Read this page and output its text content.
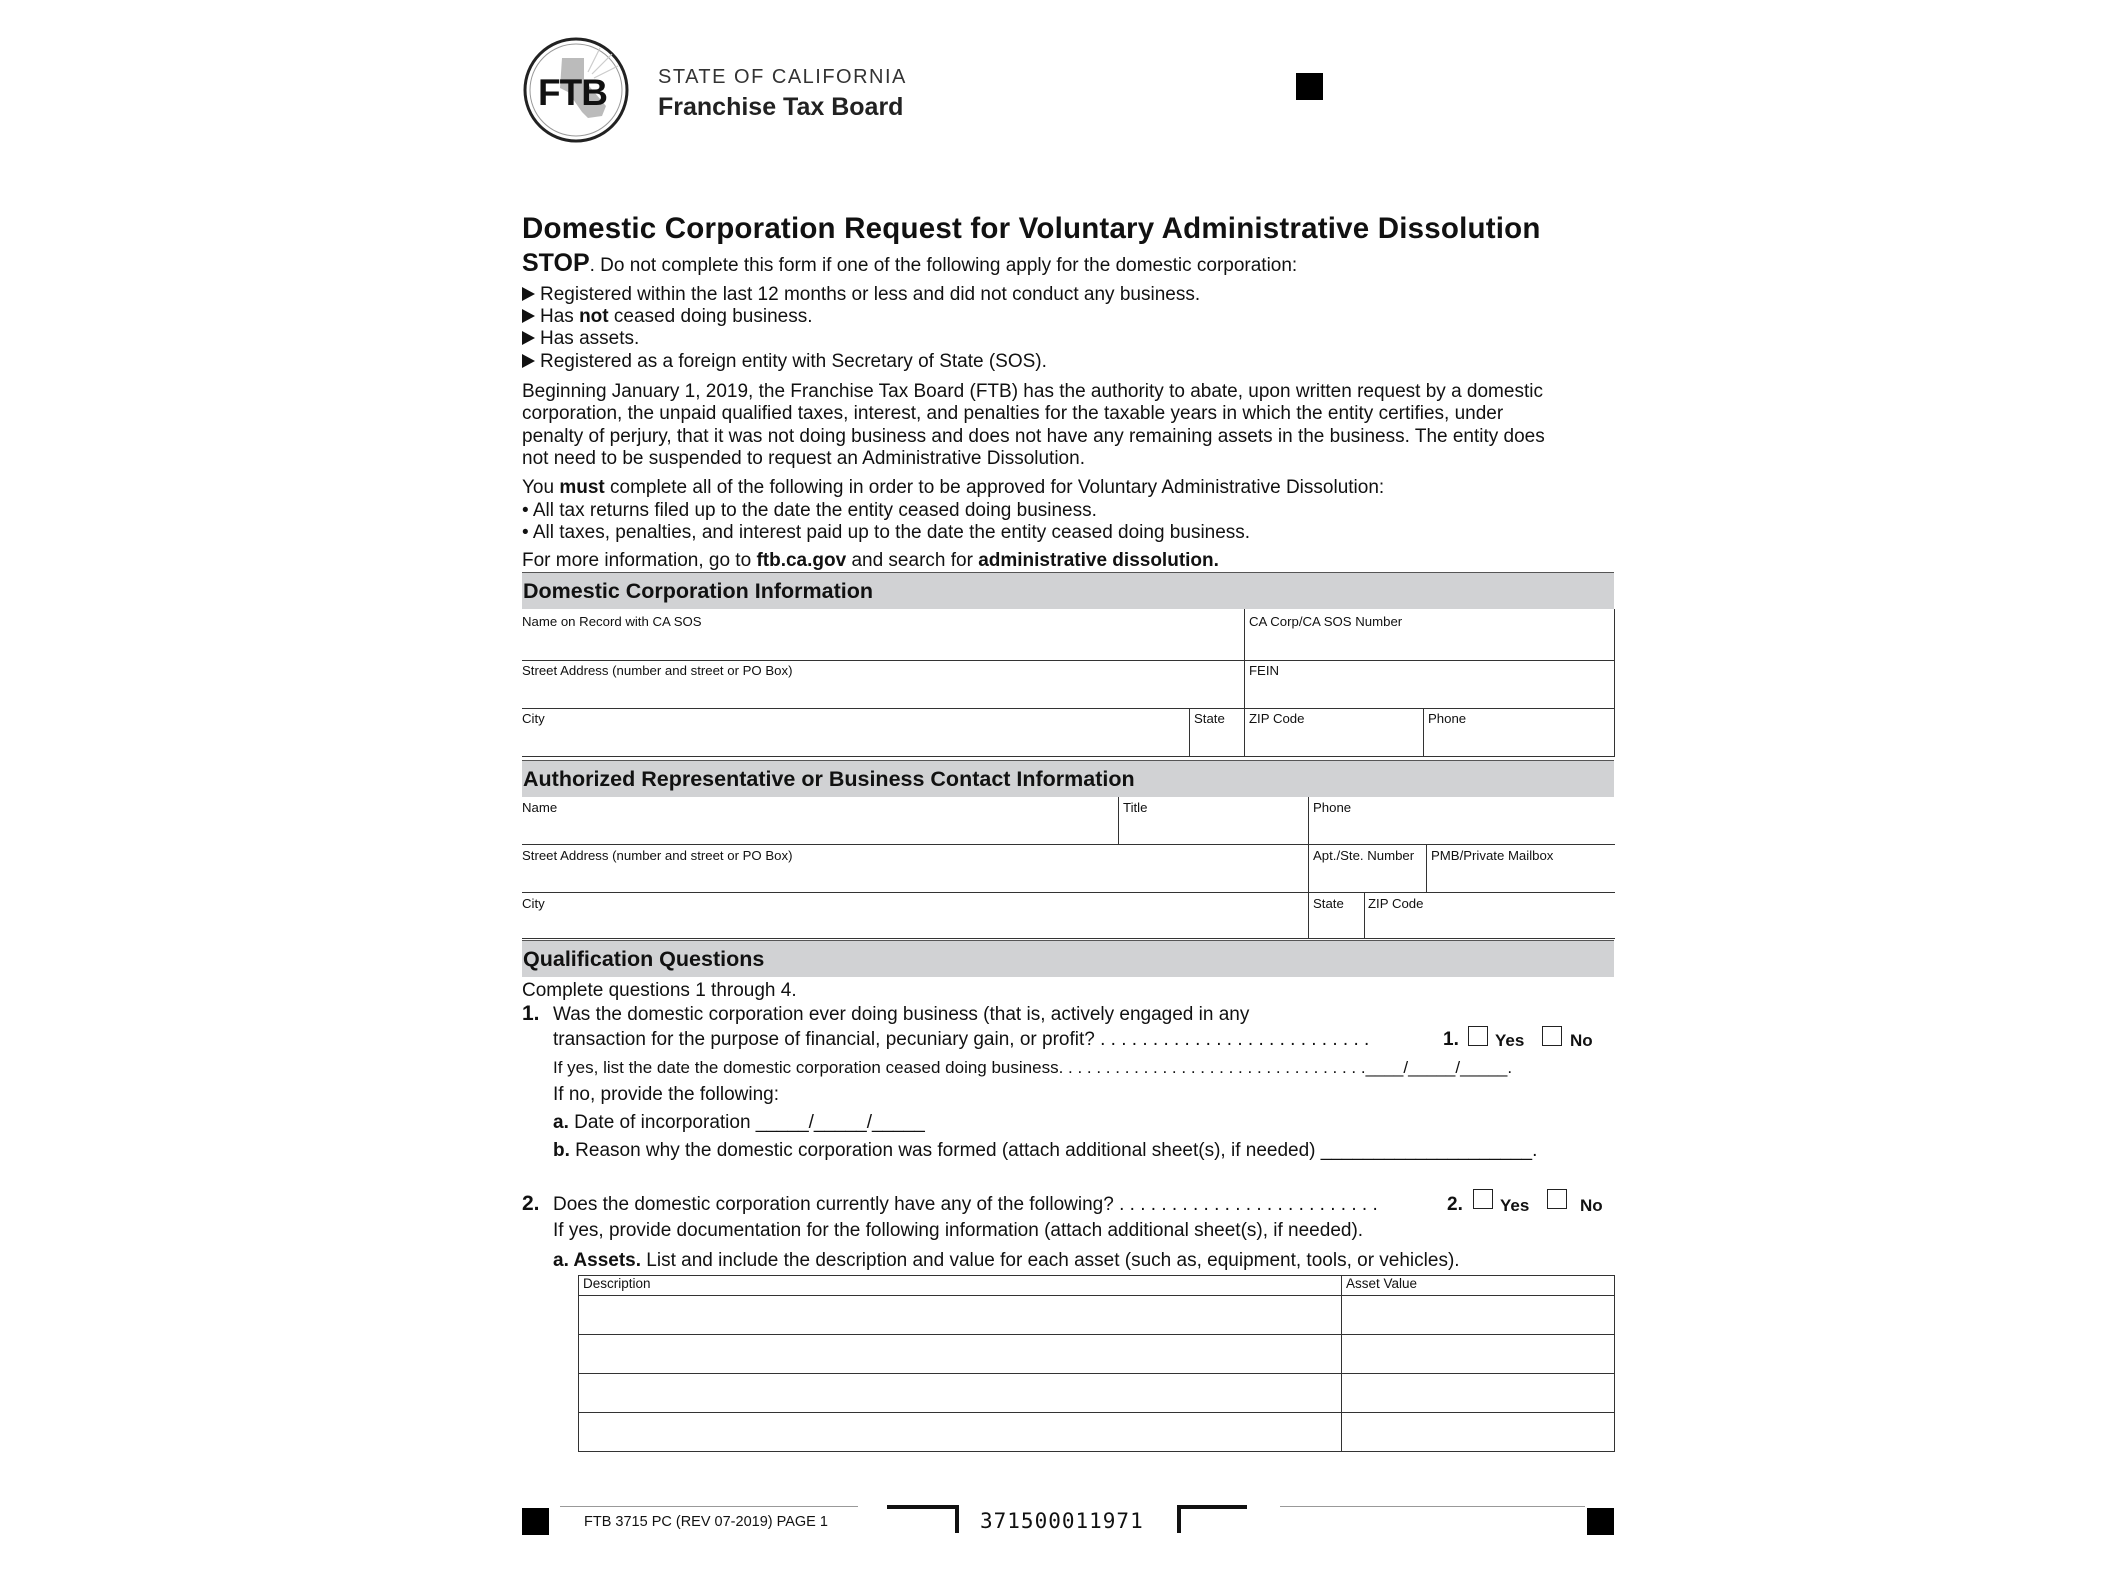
FTB	STATE OF CALIFORNIA
Franchise Tax Board
Domestic Corporation Request for Voluntary Administrative Dissolution
STOP. Do not complete this form if one of the following apply for the domestic corporation:
Registered within the last 12 months or less and did not conduct any business.
Has not ceased doing business.
Has assets.
Registered as a foreign entity with Secretary of State (SOS).
Beginning January 1, 2019, the Franchise Tax Board (FTB) has the authority to abate, upon written request by a domestic
corporation, the unpaid qualified taxes, interest, and penalties for the taxable years in which the entity certifies, under
penalty of perjury, that it was not doing business and does not have any remaining assets in the business. The entity does
not need to be suspended to request an Administrative Dissolution.
You must complete all of the following in order to be approved for Voluntary Administrative Dissolution:
• All tax returns filed up to the date the entity ceased doing business.
• All taxes, penalties, and interest paid up to the date the entity ceased doing business.
For more information, go to ftb.ca.gov and search for administrative dissolution.
Domestic Corporation Information
Name on Record with CA SOS	CA Corp/CA SOS Number
Street Address (number and street or PO Box)	FEIN
City	State ZIP Code	Phone
Authorized Representative or Business Contact Information
Name	Title	Phone
Street Address (number and street or PO Box)	Apt./Ste. Number PMB/Private Mailbox
City	State ZIP Code
Qualification Questions
Complete questions 1 through 4.
1. Was the domestic corporation ever doing business (that is, actively engaged in any
transaction for the purpose of financial, pecuniary gain, or profit? . . . . . . . . . . . . . . . . . . . . . . . . . .	1. Yes	No
If yes, list the date the domestic corporation ceased doing business. . . . . . . . . . . . . . . . . . . . . . . . . . . . . . . . .____/_____/_____.
If no, provide the following:
a. Date of incorporation _____/_____/_____
b. Reason why the domestic corporation was formed (attach additional sheet(s), if needed) ____________________.
2. Does the domestic corporation currently have any of the following? . . . . . . . . . . . . . . . . . . . . . . . . .	2. Yes	No
If yes, provide documentation for the following information (attach additional sheet(s), if needed).
a. Assets. List and include the description and value for each asset (such as, equipment, tools, or vehicles).
Description	Asset Value

FTB 3715 PC (REV 07-2019) PAGE 1	371500011971
